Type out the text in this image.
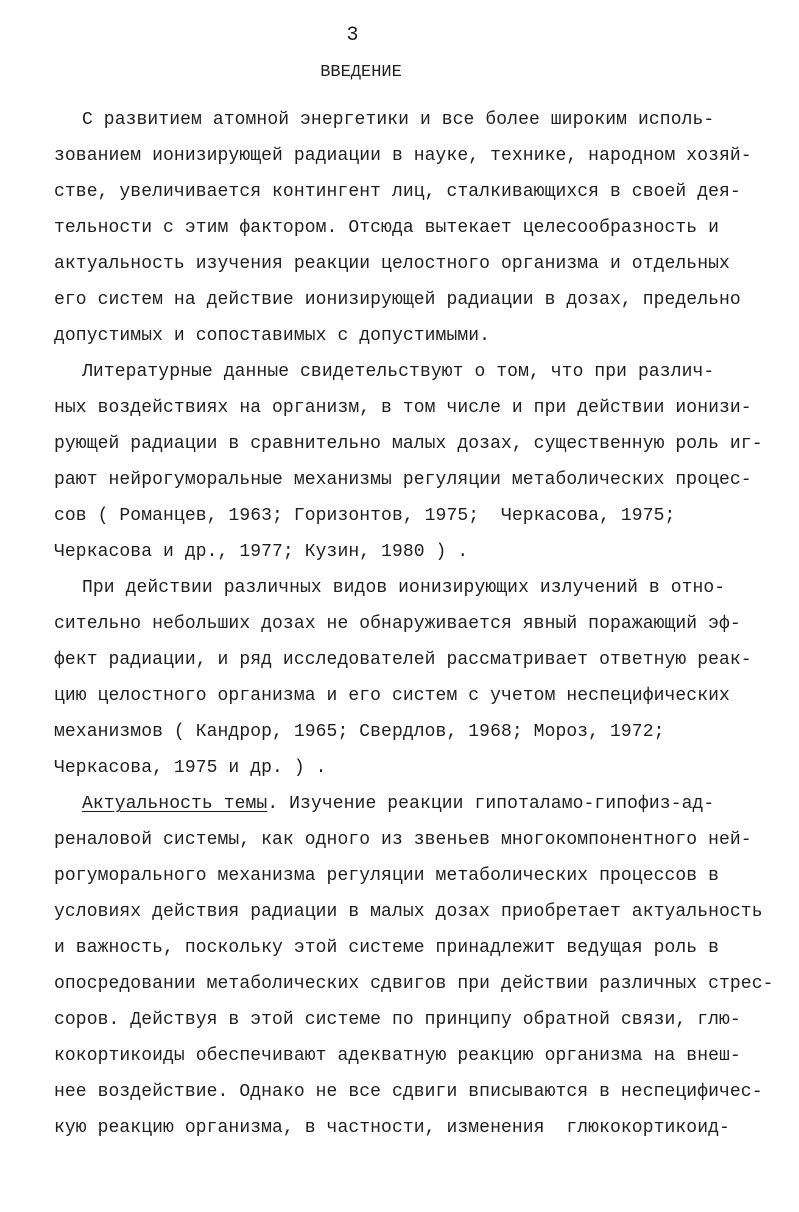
3
ВВЕДЕНИЕ
С развитием атомной энергетики и все более широким исполь-
зованием ионизирующей радиации в науке, технике, народном хозяй-
стве, увеличивается контингент лиц, сталкивающихся в своей дея-
тельности с этим фактором. Отсюда вытекает целесообразность и
актуальность изучения реакции целостного организма и отдельных
его систем на действие ионизирующей радиации в дозах, предельно
допустимых и сопоставимых с допустимыми.
Литературные данные свидетельствуют о том, что при различ-
ных воздействиях на организм, в том числе и при действии ионизи-
рующей радиации в сравнительно малых дозах, существенную роль иг-
рают нейрогуморальные механизмы регуляции метаболических процес-
сов ( Романцев, 1963; Горизонтов, 1975;  Черкасова, 1975;
Черкасова и др., 1977; Кузин, 1980 ) .
При действии различных видов ионизирующих излучений в отно-
сительно небольших дозах не обнаруживается явный поражающий эф-
фект радиации, и ряд исследователей рассматривает ответную реак-
цию целостного организма и его систем с учетом неспецифических
механизмов ( Кандрор, 1965; Свердлов, 1968; Мороз, 1972;
Черкасова, 1975 и др. ) .
Актуальность темы. Изучение реакции гипоталамо-гипофиз-ад-
реналовой системы, как одного из звеньев многокомпонентного ней-
рогуморального механизма регуляции метаболических процессов в
условиях действия радиации в малых дозах приобретает актуальность
и важность, поскольку этой системе принадлежит ведущая роль в
опосредовании метаболических сдвигов при действии различных стрес-
соров. Действуя в этой системе по принципу обратной связи, глю-
кокортикоиды обеспечивают адекватную реакцию организма на внеш-
нее воздействие. Однако не все сдвиги вписываются в неспецифичес-
кую реакцию организма, в частности, изменения  глюкокортикоид-
